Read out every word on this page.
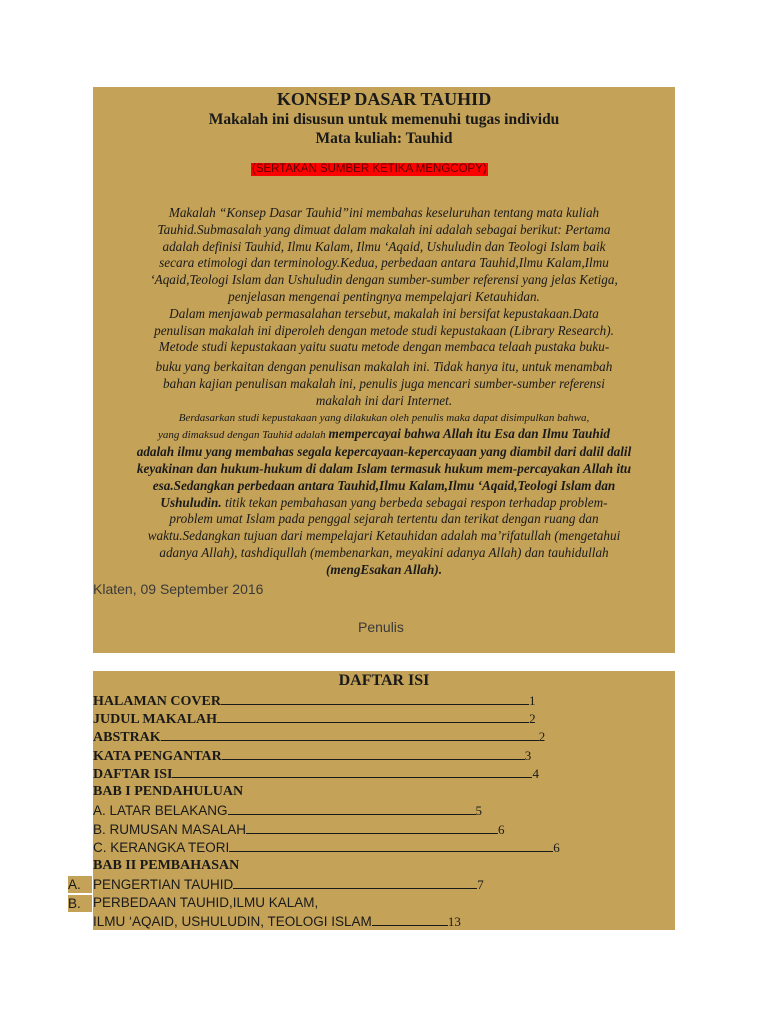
KONSEP DASAR TAUHID
Makalah ini disusun untuk memenuhi tugas individu
Mata kuliah: Tauhid
(SERTAKAN SUMBER KETIKA MENGCOPY)

Makalah “Konsep Dasar Tauhid”ini membahas keseluruhan tentang mata kuliah

Tauhid.Submasalah yang dimuat dalam makalah ini adalah sebagai berikut: Pertama

adalah definisi Tauhid, Ilmu Kalam, Ilmu ‘Aqaid, Ushuludin dan Teologi Islam baik

secara etimologi dan terminology.Kedua, perbedaan antara Tauhid,Ilmu Kalam,Ilmu

‘Aqaid,Teologi Islam dan Ushuludin dengan sumber-sumber referensi yang jelas Ketiga,

penjelasan mengenai pentingnya mempelajari Ketauhidan.

Dalam menjawab permasalahan tersebut, makalah ini bersifat kepustakaan.Data

penulisan makalah ini diperoleh dengan metode studi kepustakaan (Library Research).

Metode studi kepustakaan yaitu suatu metode dengan membaca telaah pustaka buku-

buku yang berkaitan dengan penulisan makalah ini. Tidak hanya itu, untuk menambah

bahan kajian penulisan makalah ini, penulis juga mencari sumber-sumber referensi

makalah ini dari Internet.

Berdasarkan studi kepustakaan yang dilakukan oleh penulis maka dapat disimpulkan bahwa,

yang dimaksud dengan Tauhid adalah mempercayai bahwa Allah itu Esa dan Ilmu Tauhid

adalah ilmu yang membahas segala kepercayaan-kepercayaan yang diambil dari dalil dalil

keyakinan dan hukum-hukum di dalam Islam termasuk hukum mem-percayakan Allah itu

esa.Sedangkan perbedaan antara Tauhid,Ilmu Kalam,Ilmu ‘Aqaid,Teologi Islam dan

Ushuludin. titik tekan pembahasan yang berbeda sebagai respon terhadap problem-

problem umat Islam pada penggal sejarah tertentu dan terikat dengan ruang dan

waktu.Sedangkan tujuan dari mempelajari Ketauhidan adalah ma’rifatullah (mengetahui

adanya Allah), tashdiqullah (membenarkan, meyakini adanya Allah) dan tauhidullah

(mengEsakan Allah).

Klaten, 09 September 2016
Penulis
DAFTAR ISI
HALAMAN COVER	1
JUDUL MAKALAH	2
ABSTRAK	2
KATA PENGANTAR	3
DAFTAR ISI	4
BAB I PENDAHULUAN
A. LATAR BELAKANG	5
B. RUMUSAN MASALAH	6
C. KERANGKA TEORI	6
BAB II PEMBAHASAN
PENGERTIAN TAUHID	7
PERBEDAAN TAUHID,ILMU KALAM,
ILMU ‘AQAID, USHULUDIN, TEOLOGI ISLAM	13
A.
B.
